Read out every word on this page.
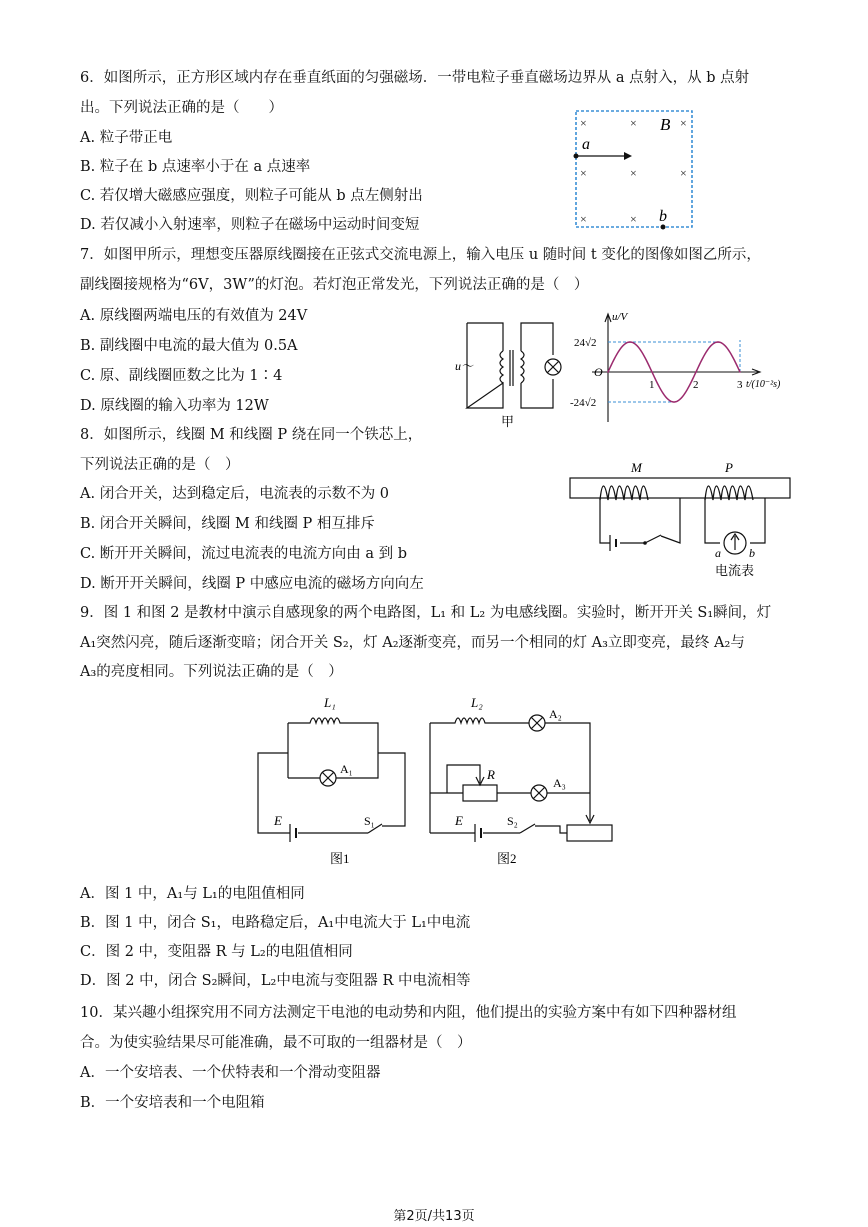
6．如图所示，正方形区域内存在垂直纸面的匀强磁场．一带电粒子垂直磁场边界从 a 点射入，从 b 点射
出。下列说法正确的是（　　）
A. 粒子带正电
B. 粒子在 b 点速率小于在 a 点速率
C. 若仅增大磁感应强度，则粒子可能从 b 点左侧射出
D. 若仅减小入射速率，则粒子在磁场中运动时间变短
×	×	×
×	×	×
×	×
B
a
b
7．如图甲所示，理想变压器原线圈接在正弦式交流电源上，输入电压 u 随时间 t 变化的图像如图乙所示，
副线圈接规格为“6V，3W”的灯泡。若灯泡正常发光，下列说法正确的是（　）
A. 原线圈两端电压的有效值为 24V
B. 副线圈中电流的最大值为 0.5A
C. 原、副线圈匝数之比为 1∶4
D. 原线圈的输入功率为 12W
u～
甲
u/V
t/(10⁻²s)
O
24√2
-24√2
1	2	3
8．如图所示，线圈 M 和线圈 P 绕在同一个铁芯上，
下列说法正确的是（　）
A. 闭合开关，达到稳定后，电流表的示数不为 0
B. 闭合开关瞬间，线圈 M 和线圈 P 相互排斥
C. 断开开关瞬间，流过电流表的电流方向由 a 到 b
D. 断开开关瞬间，线圈 P 中感应电流的磁场方向向左
M	P
a b
电流表
9．图 1 和图 2 是教材中演示自感现象的两个电路图，L₁ 和 L₂ 为电感线圈。实验时，断开开关 S₁瞬间，灯
A₁突然闪亮，随后逐渐变暗；闭合开关 S₂，灯 A₂逐渐变亮，而另一个相同的灯 A₃立即变亮，最终 A₂与
A₃的亮度相同。下列说法正确的是（　）
L₁
A₁
E	S₁
图1
L₂
A₂
R
A₃
E	S₂
图2
A．图 1 中，A₁与 L₁的电阻值相同
B．图 1 中，闭合 S₁，电路稳定后，A₁中电流大于 L₁中电流
C．图 2 中，变阻器 R 与 L₂的电阻值相同
D．图 2 中，闭合 S₂瞬间，L₂中电流与变阻器 R 中电流相等
10．某兴趣小组探究用不同方法测定干电池的电动势和内阻，他们提出的实验方案中有如下四种器材组
合。为使实验结果尽可能准确，最不可取的一组器材是（　）
A．一个安培表、一个伏特表和一个滑动变阻器
B．一个安培表和一个电阻箱
第2页/共13页
